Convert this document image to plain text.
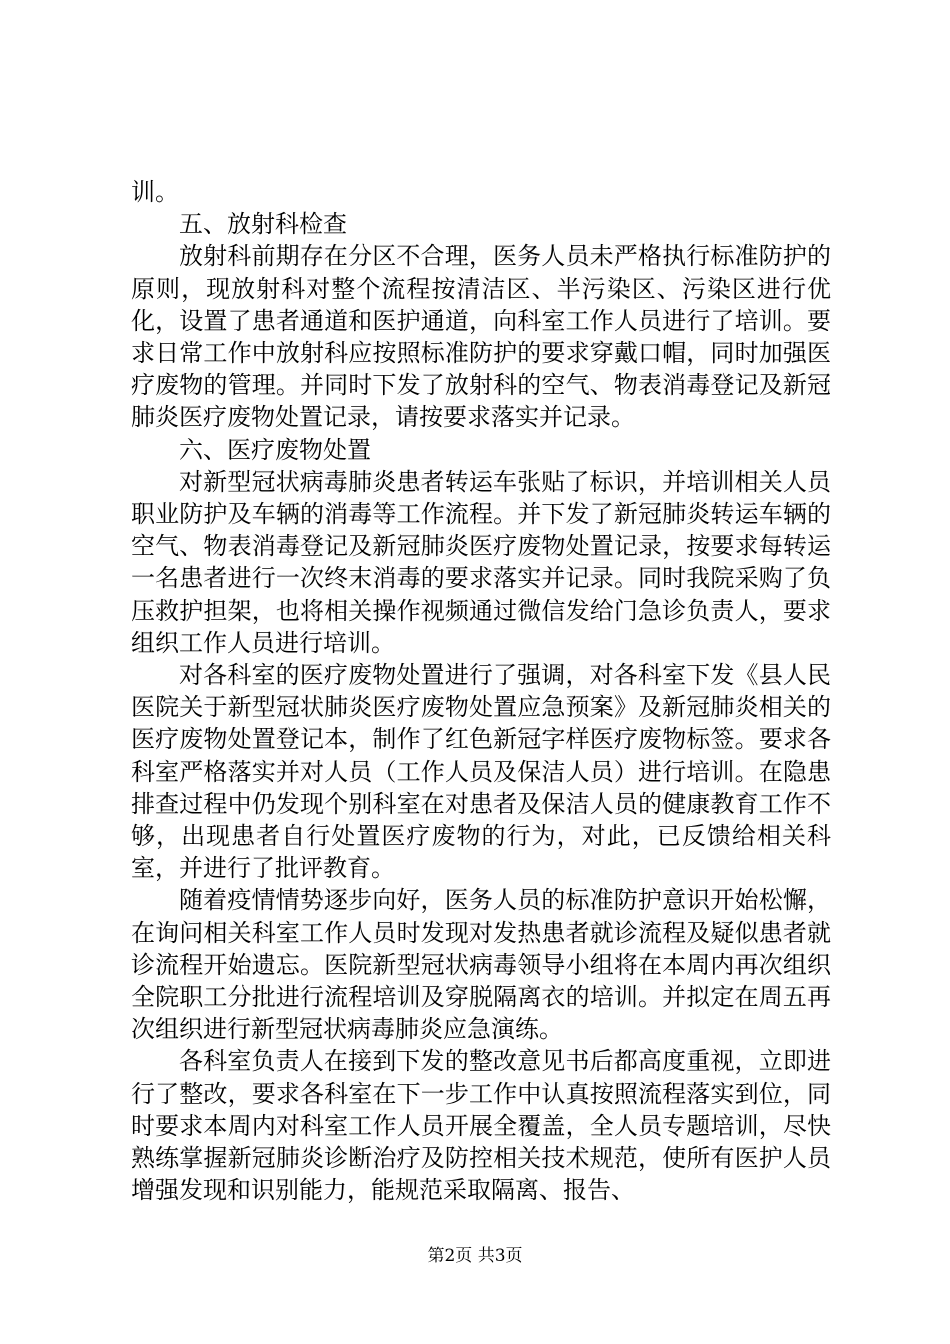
训。

五、放射科检查

放射科前期存在分区不合理，医务人员未严格执行标准防护的原则，现放射科对整个流程按清洁区、半污染区、污染区进行优化，设置了患者通道和医护通道，向科室工作人员进行了培训。要求日常工作中放射科应按照标准防护的要求穿戴口帽，同时加强医疗废物的管理。并同时下发了放射科的空气、物表消毒登记及新冠肺炎医疗废物处置记录，请按要求落实并记录。

六、医疗废物处置

对新型冠状病毒肺炎患者转运车张贴了标识，并培训相关人员职业防护及车辆的消毒等工作流程。并下发了新冠肺炎转运车辆的空气、物表消毒登记及新冠肺炎医疗废物处置记录，按要求每转运一名患者进行一次终末消毒的要求落实并记录。同时我院采购了负压救护担架，也将相关操作视频通过微信发给门急诊负责人，要求组织工作人员进行培训。

对各科室的医疗废物处置进行了强调，对各科室下发《县人民医院关于新型冠状肺炎医疗废物处置应急预案》及新冠肺炎相关的医疗废物处置登记本，制作了红色新冠字样医疗废物标签。要求各科室严格落实并对人员（工作人员及保洁人员）进行培训。在隐患排查过程中仍发现个别科室在对患者及保洁人员的健康教育工作不够，出现患者自行处置医疗废物的行为，对此，已反馈给相关科室，并进行了批评教育。

随着疫情情势逐步向好，医务人员的标准防护意识开始松懈，在询问相关科室工作人员时发现对发热患者就诊流程及疑似患者就诊流程开始遗忘。医院新型冠状病毒领导小组将在本周内再次组织全院职工分批进行流程培训及穿脱隔离衣的培训。并拟定在周五再次组织进行新型冠状病毒肺炎应急演练。

各科室负责人在接到下发的整改意见书后都高度重视，立即进行了整改，要求各科室在下一步工作中认真按照流程落实到位，同时要求本周内对科室工作人员开展全覆盖，全人员专题培训，尽快熟练掌握新冠肺炎诊断治疗及防控相关技术规范，使所有医护人员增强发现和识别能力，能规范采取隔离、报告、

第2页 共3页
